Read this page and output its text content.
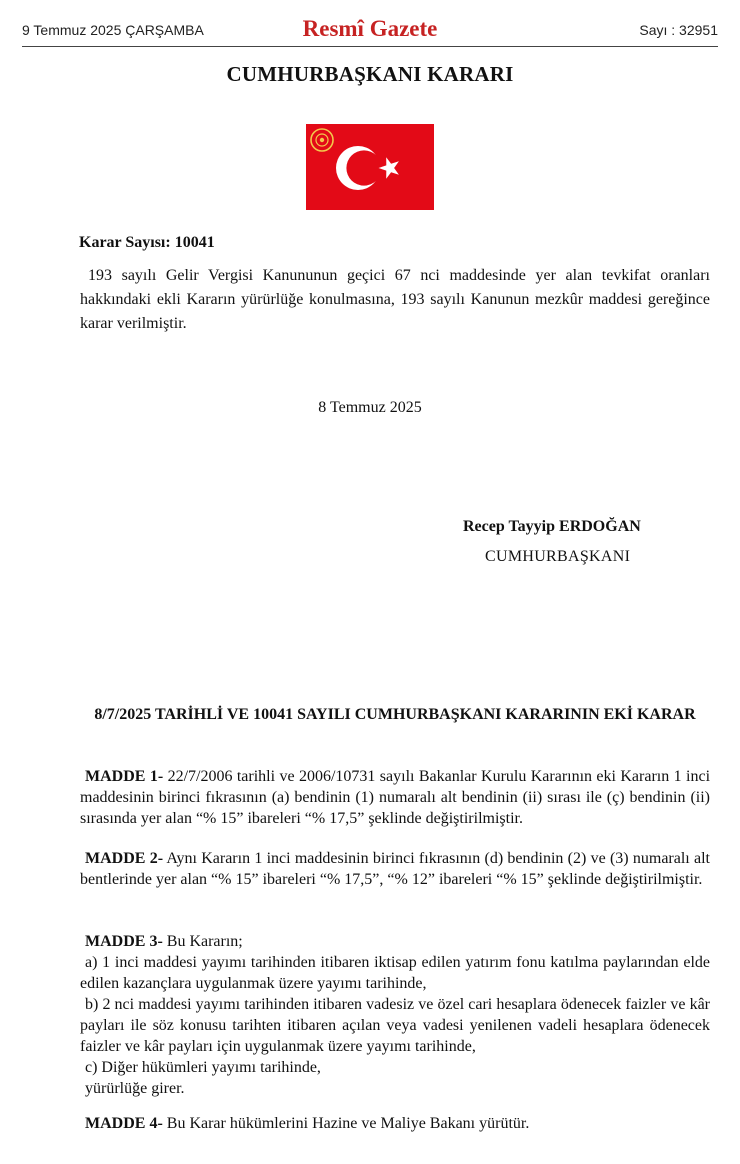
9 Temmuz 2025 ÇARŞAMBA	Resmî Gazete	Sayı : 32951
CUMHURBAŞKANI KARARI
Karar Sayısı: 10041
193 sayılı Gelir Vergisi Kanununun geçici 67 nci maddesinde yer alan tevkifat oranları hakkındaki ekli Kararın yürürlüğe konulmasına, 193 sayılı Kanunun mezkûr maddesi gereğince karar verilmiştir.
8 Temmuz 2025
Recep Tayyip ERDOĞAN
CUMHURBAŞKANI
8/7/2025 TARİHLİ VE 10041 SAYILI CUMHURBAŞKANI KARARININ EKİ KARAR
MADDE 1- 22/7/2006 tarihli ve 2006/10731 sayılı Bakanlar Kurulu Kararının eki Kararın 1 inci maddesinin birinci fıkrasının (a) bendinin (1) numaralı alt bendinin (ii) sırası ile (ç) bendinin (ii) sırasında yer alan “% 15” ibareleri “% 17,5” şeklinde değiştirilmiştir.
MADDE 2- Aynı Kararın 1 inci maddesinin birinci fıkrasının (d) bendinin (2) ve (3) numaralı alt bentlerinde yer alan “% 15” ibareleri “% 17,5”, “% 12” ibareleri “% 15” şeklinde değiştirilmiştir.
MADDE 3- Bu Kararın;
a) 1 inci maddesi yayımı tarihinden itibaren iktisap edilen yatırım fonu katılma paylarından elde edilen kazançlara uygulanmak üzere yayımı tarihinde,
b) 2 nci maddesi yayımı tarihinden itibaren vadesiz ve özel cari hesaplara ödenecek faizler ve kâr payları ile söz konusu tarihten itibaren açılan veya vadesi yenilenen vadeli hesaplara ödenecek faizler ve kâr payları için uygulanmak üzere yayımı tarihinde,
c) Diğer hükümleri yayımı tarihinde,
yürürlüğe girer.
MADDE 4- Bu Karar hükümlerini Hazine ve Maliye Bakanı yürütür.
